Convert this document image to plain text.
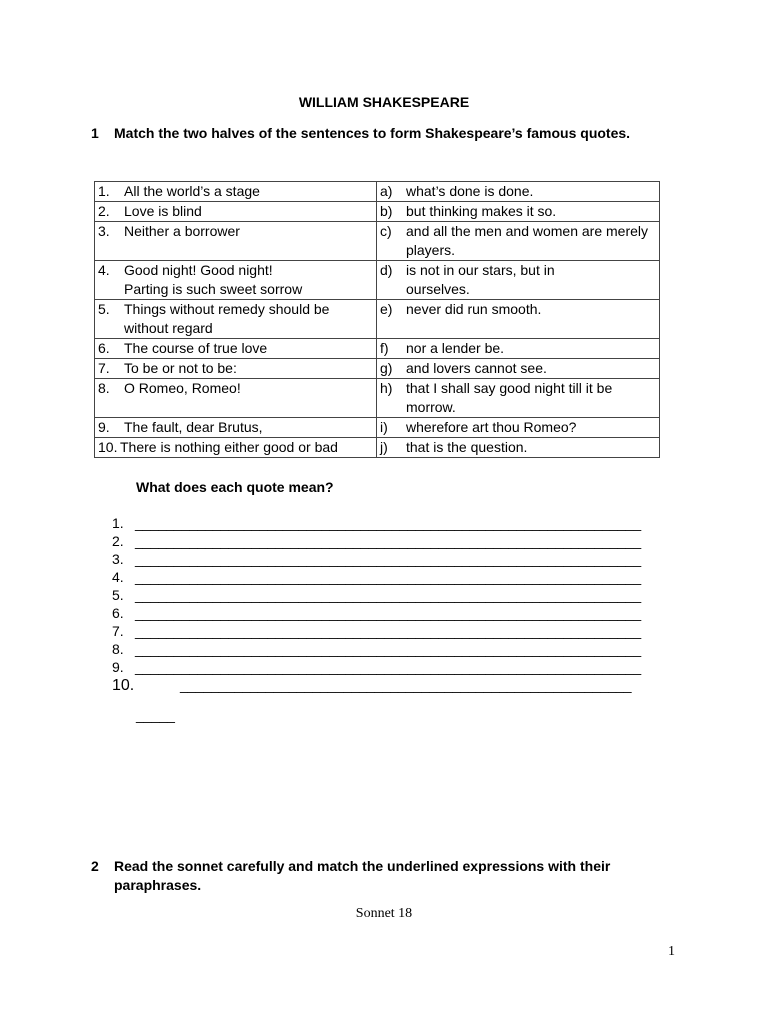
WILLIAM SHAKESPEARE
1 Match the two halves of the sentences to form Shakespeare’s famous quotes.
1. All the world’s a stage	a) what’s done is done.

2. Love is blind	b) but thinking makes it so.

3. Neither a borrower	c) and all the men and women are merely players.

4. Good night! Good night! Parting is such sweet sorrow	d) is not in our stars, but in ourselves.

5. Things without remedy should be without regard	e) never did run smooth.

6. The course of true love	f) nor a lender be.

7. To be or not to be:	g) and lovers cannot see.

8. O Romeo, Romeo!	h) that I shall say good night till it be morrow.

9. The fault, dear Brutus,	i) wherefore art thou Romeo?

10. There is nothing either good or bad	j) that is the question.
What does each quote mean?
1. _________________________________________________________________
2. _________________________________________________________________
3. _________________________________________________________________
4. _________________________________________________________________
5. _________________________________________________________________
6. _________________________________________________________________
7. _________________________________________________________________
8. _________________________________________________________________
9. _________________________________________________________________
10.	__________________________________________________________
_____
2 Read the sonnet carefully and match the underlined expressions with their
paraphrases.
Sonnet 18
1
